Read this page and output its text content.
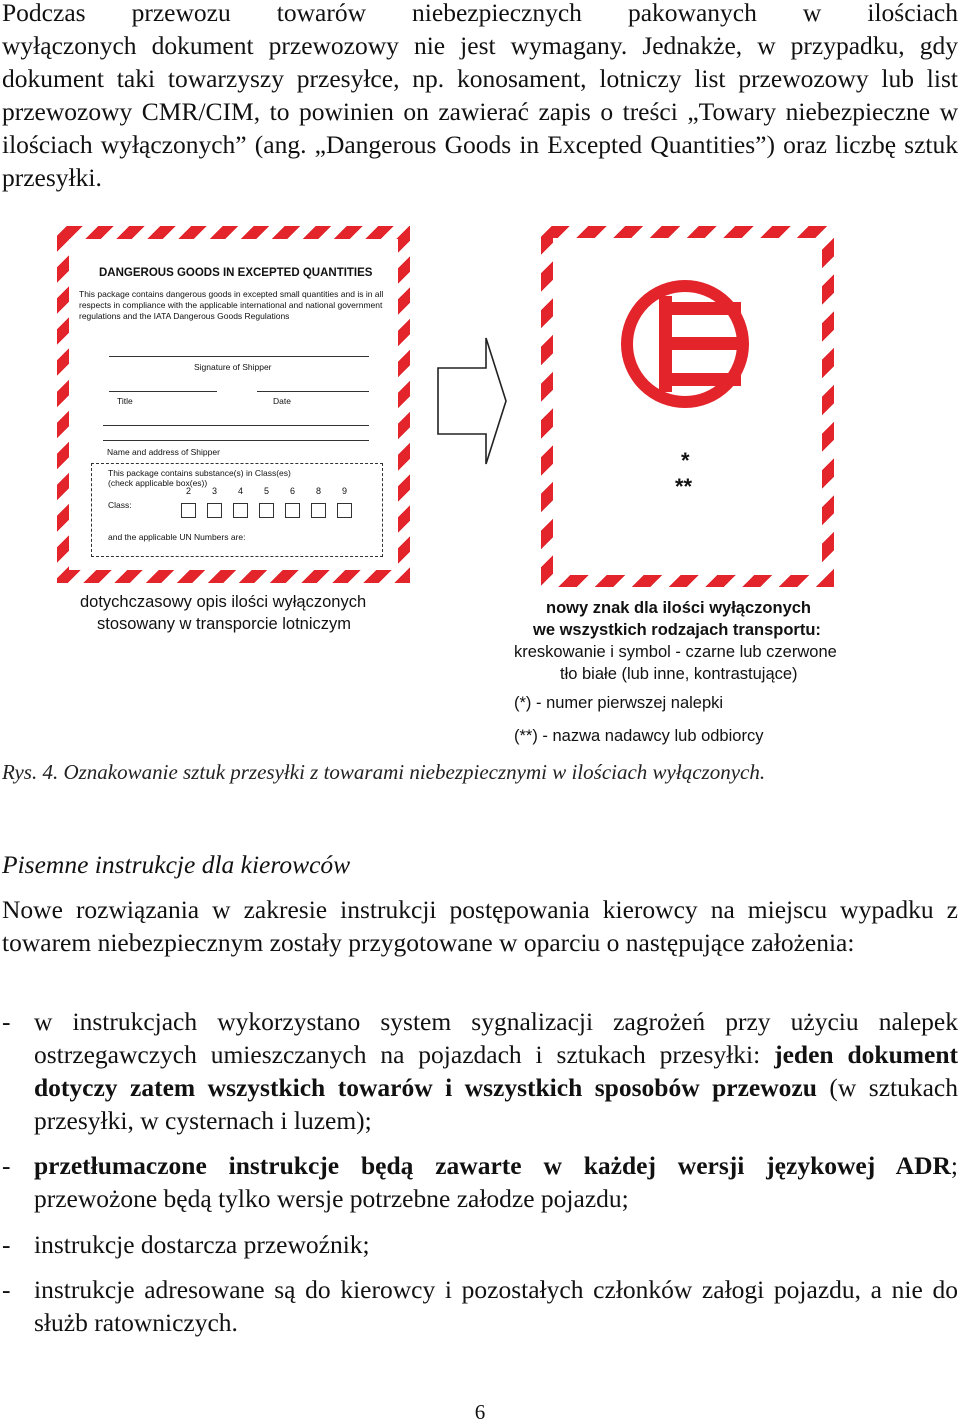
Podczas przewozu towarów niebezpiecznych pakowanych w ilościach

wyłączonych dokument przewozowy nie jest wymagany. Jednakże, w przypadku, gdy dokument taki towarzyszy przesyłce, np. konosament, lotniczy list przewozowy lub list przewozowy CMR/CIM, to powinien on zawierać zapis o treści „Towary niebezpieczne w ilościach wyłączonych” (ang. „Dangerous Goods in Excepted Quantities”) oraz liczbę sztuk przesyłki.

DANGEROUS GOODS IN EXCEPTED QUANTITIES
This package contains dangerous goods in excepted small quantities and is in all respects in compliance with the applicable international and national government regulations and the IATA Dangerous Goods Regulations
Signature of Shipper
Title	Date
Name and address of Shipper
This package contains substance(s) in Class(es)
(check applicable box(es))
Class:
2 3 4 5 6 8 9
and the applicable UN Numbers are:
*
**
dotychczasowy opis ilości wyłączonych
stosowany w transporcie lotniczym
nowy znak dla ilości wyłączonych
we wszystkich rodzajach transportu:
kreskowanie i symbol - czarne lub czerwone
tło białe (lub inne, kontrastujące)
(*) - numer pierwszej nalepki
(**) - nazwa nadawcy lub odbiorcy
Rys. 4. Oznakowanie sztuk przesyłki z towarami niebezpiecznymi w ilościach wyłączonych.
Pisemne instrukcje dla kierowców
Nowe rozwiązania w zakresie instrukcji postępowania kierowcy na miejscu wypadku z towarem niebezpiecznym zostały przygotowane w oparciu o następujące założenia:
- w instrukcjach wykorzystano system sygnalizacji zagrożeń przy użyciu nalepek ostrzegawczych umieszczanych na pojazdach i sztukach przesyłki: jeden dokument dotyczy zatem wszystkich towarów i wszystkich sposobów przewozu (w sztukach przesyłki, w cysternach i luzem);
- przetłumaczone instrukcje będą zawarte w każdej wersji językowej ADR; przewożone będą tylko wersje potrzebne załodze pojazdu;
- instrukcje dostarcza przewoźnik;
- instrukcje adresowane są do kierowcy i pozostałych członków załogi pojazdu, a nie do służb ratowniczych.
6
